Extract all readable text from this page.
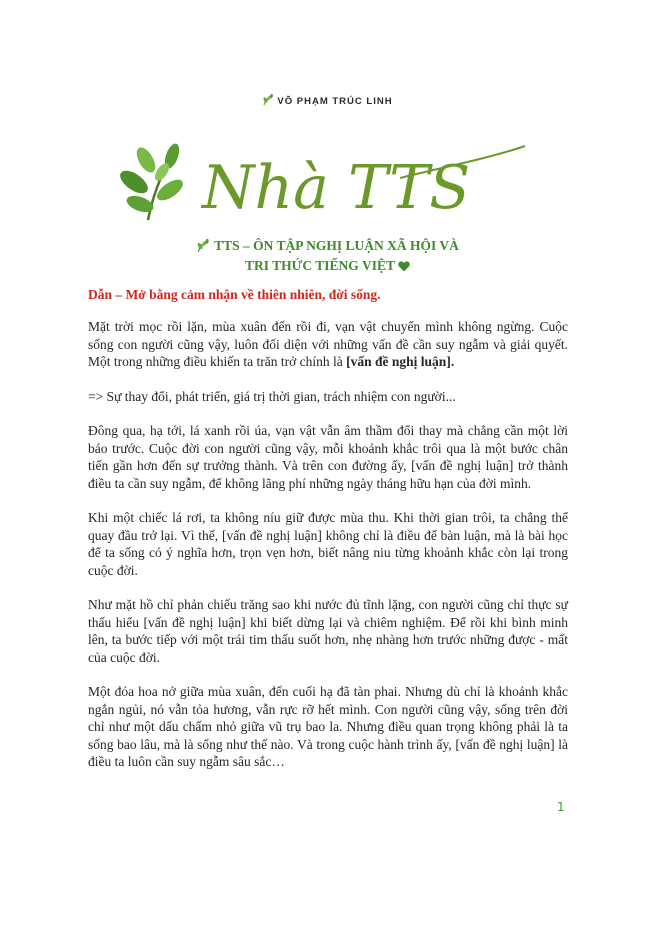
VÕ PHẠM TRÚC LINH
Nhà TTS
TTS – ÔN TẬP NGHỊ LUẬN XÃ HỘI VÀ
TRI THỨC TIẾNG VIỆT
Dẫn – Mở bằng cảm nhận về thiên nhiên, đời sống.

Mặt trời mọc rồi lặn, mùa xuân đến rồi đi, vạn vật chuyển mình không ngừng. Cuộc sống con người cũng vậy, luôn đối diện với những vấn đề cần suy ngẫm và giải quyết. Một trong những điều khiến ta trăn trở chính là [vấn đề nghị luận].

=> Sự thay đổi, phát triển, giá trị thời gian, trách nhiệm con người...

Đông qua, hạ tới, lá xanh rồi úa, vạn vật vẫn âm thầm đổi thay mà chẳng cần một lời báo trước. Cuộc đời con người cũng vậy, mỗi khoảnh khắc trôi qua là một bước chân tiến gần hơn đến sự trưởng thành. Và trên con đường ấy, [vấn đề nghị luận] trở thành điều ta cần suy ngẫm, để không lãng phí những ngày tháng hữu hạn của đời mình.

Khi một chiếc lá rơi, ta không níu giữ được mùa thu. Khi thời gian trôi, ta chẳng thể quay đầu trở lại. Vì thế, [vấn đề nghị luận] không chỉ là điều để bàn luận, mà là bài học để ta sống có ý nghĩa hơn, trọn vẹn hơn, biết nâng niu từng khoảnh khắc còn lại trong cuộc đời.

Như mặt hồ chỉ phản chiếu trăng sao khi nước đủ tĩnh lặng, con người cũng chỉ thực sự thấu hiểu [vấn đề nghị luận] khi biết dừng lại và chiêm nghiệm. Để rồi khi bình minh lên, ta bước tiếp với một trái tim thấu suốt hơn, nhẹ nhàng hơn trước những được - mất của cuộc đời.

Một đóa hoa nở giữa mùa xuân, đến cuối hạ đã tàn phai. Nhưng dù chỉ là khoảnh khắc ngắn ngủi, nó vẫn tỏa hương, vẫn rực rỡ hết mình. Con người cũng vậy, sống trên đời chỉ như một dấu chấm nhỏ giữa vũ trụ bao la. Nhưng điều quan trọng không phải là ta sống bao lâu, mà là sống như thế nào. Và trong cuộc hành trình ấy, [vấn đề nghị luận] là điều ta luôn cần suy ngẫm sâu sắc…

1
